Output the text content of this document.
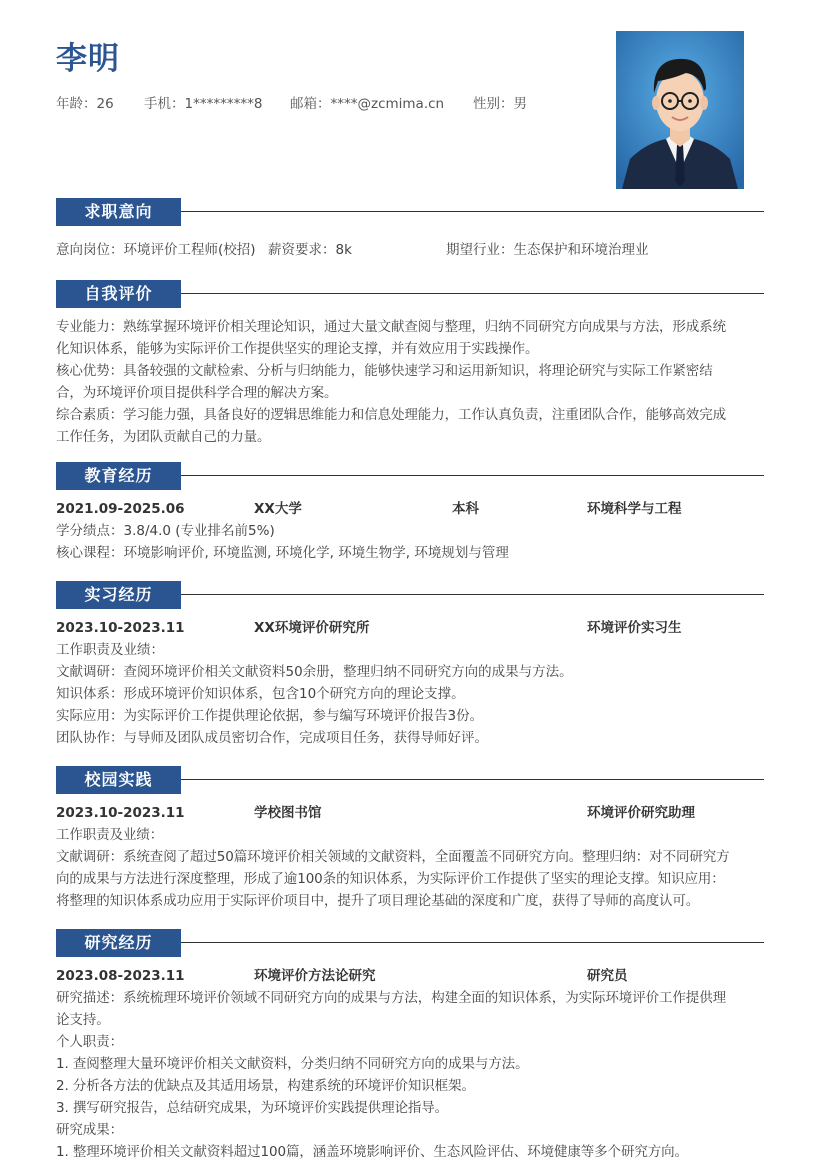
李明
年龄：26 手机：1*********8 邮箱：****@zcmima.cn 性别：男
求职意向
意向岗位：环境评价工程师(校招) 薪资要求：8k	期望行业：生态保护和环境治理业
自我评价
专业能力：熟练掌握环境评价相关理论知识，通过大量文献查阅与整理，归纳不同研究方向成果与方法，形成系统
化知识体系，能够为实际评价工作提供坚实的理论支撑，并有效应用于实践操作。
核心优势：具备较强的文献检索、分析与归纳能力，能够快速学习和运用新知识，将理论研究与实际工作紧密结
合，为环境评价项目提供科学合理的解决方案。
综合素质：学习能力强，具备良好的逻辑思维能力和信息处理能力，工作认真负责，注重团队合作，能够高效完成
工作任务，为团队贡献自己的力量。
教育经历
2021.09-2025.06	XX大学	本科	环境科学与工程
学分绩点：3.8/4.0 (专业排名前5%)
核心课程：环境影响评价, 环境监测, 环境化学, 环境生物学, 环境规划与管理
实习经历
2023.10-2023.11	XX环境评价研究所	环境评价实习生
工作职责及业绩：
文献调研：查阅环境评价相关文献资料50余册，整理归纳不同研究方向的成果与方法。
知识体系：形成环境评价知识体系，包含10个研究方向的理论支撑。
实际应用：为实际评价工作提供理论依据，参与编写环境评价报告3份。
团队协作：与导师及团队成员密切合作，完成项目任务，获得导师好评。
校园实践
2023.10-2023.11	学校图书馆	环境评价研究助理
工作职责及业绩：
文献调研：系统查阅了超过50篇环境评价相关领域的文献资料，全面覆盖不同研究方向。整理归纳：对不同研究方
向的成果与方法进行深度整理，形成了逾100条的知识体系，为实际评价工作提供了坚实的理论支撑。知识应用：
将整理的知识体系成功应用于实际评价项目中，提升了项目理论基础的深度和广度，获得了导师的高度认可。
研究经历
2023.08-2023.11	环境评价方法论研究	研究员
研究描述：系统梳理环境评价领域不同研究方向的成果与方法，构建全面的知识体系，为实际环境评价工作提供理
论支持。
个人职责：
1. 查阅整理大量环境评价相关文献资料，分类归纳不同研究方向的成果与方法。
2. 分析各方法的优缺点及其适用场景，构建系统的环境评价知识框架。
3. 撰写研究报告，总结研究成果，为环境评价实践提供理论指导。
研究成果：
1. 整理环境评价相关文献资料超过100篇，涵盖环境影响评价、生态风险评估、环境健康等多个研究方向。
